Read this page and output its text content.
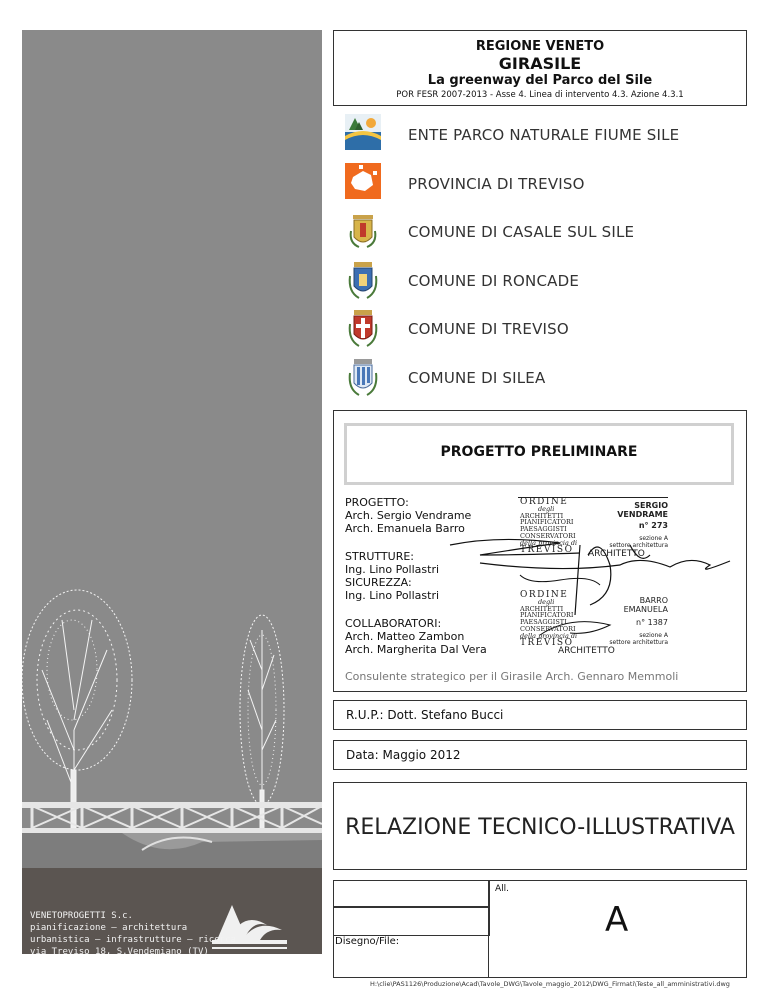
VENETOPROGETTI S.c.
pianificazione – architettura
urbanistica – infrastrutture – ricerca
via Treviso 18, S.Vendemiano (TV)
REGIONE VENETO
GIRASILE
La greenway del Parco del Sile
POR FESR 2007-2013 - Asse 4. Linea di intervento 4.3. Azione 4.3.1
ENTE PARCO NATURALE FIUME SILE
PROVINCIA DI TREVISO
COMUNE DI CASALE SUL SILE
COMUNE DI RONCADE
COMUNE DI TREVISO
COMUNE DI SILEA
PROGETTO PRELIMINARE
PROGETTO:
Arch. Sergio Vendrame
Arch. Emanuela Barro
STRUTTURE:
Ing. Lino Pollastri
SICUREZZA:
Ing. Lino Pollastri
COLLABORATORI:
Arch. Matteo Zambon
Arch. Margherita Dal Vera
ORDINE
degli
ARCHITETTI
PIANIFICATORI
PAESAGGISTI
CONSERVATORI
della provincia di
TREVISO
SERGIO
VENDRAME
n° 273
sezione A
settore architettura
ARCHITETTO
ORDINE
degli
ARCHITETTI
PIANIFICATORI
PAESAGGISTI
CONSERVATORI
della provincia di
TREVISO
BARRO
EMANUELA
n° 1387
sezione A
settore architettura
ARCHITETTO
Consulente strategico per il Girasile Arch. Gennaro Memmoli
R.U.P.: Dott. Stefano Bucci
Data: Maggio 2012
RELAZIONE TECNICO-ILLUSTRATIVA
All.
A
Disegno/File:
H:\clie\PAS1126\Produzione\Acad\Tavole_DWG\Tavole_maggio_2012\DWG_Firmati\Teste_all_amministrativi.dwg
